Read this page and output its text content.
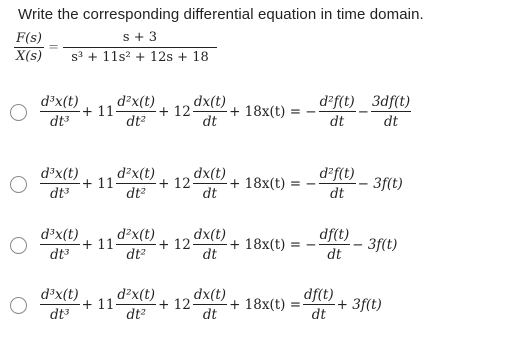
Write the corresponding differential equation in time domain.
$\frac{F(s)}{X(s)} = \frac{s + 3}{\text{s³ + 11s² + 12s + 18}}$
$\frac{\text{d³x(t)}}{\text{dt³}} + 11 \frac{\text{d²x(t)}}{\text{dt²}} + 12 \frac{dx(t)}{dt} + 18x(t)$ = − $\frac{\text{d²f(t)}}{dt} - \frac{3df(t)}{dt}$
$\frac{\text{d³x(t)}}{\text{dt³}} + 11 \frac{\text{d²x(t)}}{\text{dt²}} + 12 \frac{dx(t)}{dt} + 18x(t)$ = − $\frac{\text{d²f(t)}}{dt} - 3f(t)$
$\frac{\text{d³x(t)}}{\text{dt³}} + 11 \frac{\text{d²x(t)}}{\text{dt²}} + 12 \frac{dx(t)}{dt} + 18x(t)$ = − $\frac{df(t)}{dt} - 3f(t)$
$\frac{\text{d³x(t)}}{\text{dt³}} + 11 \frac{\text{d²x(t)}}{\text{dt²}} + 12 \frac{dx(t)}{dt} + 18x(t) = \frac{df(t)}{dt} + 3f(t)$
